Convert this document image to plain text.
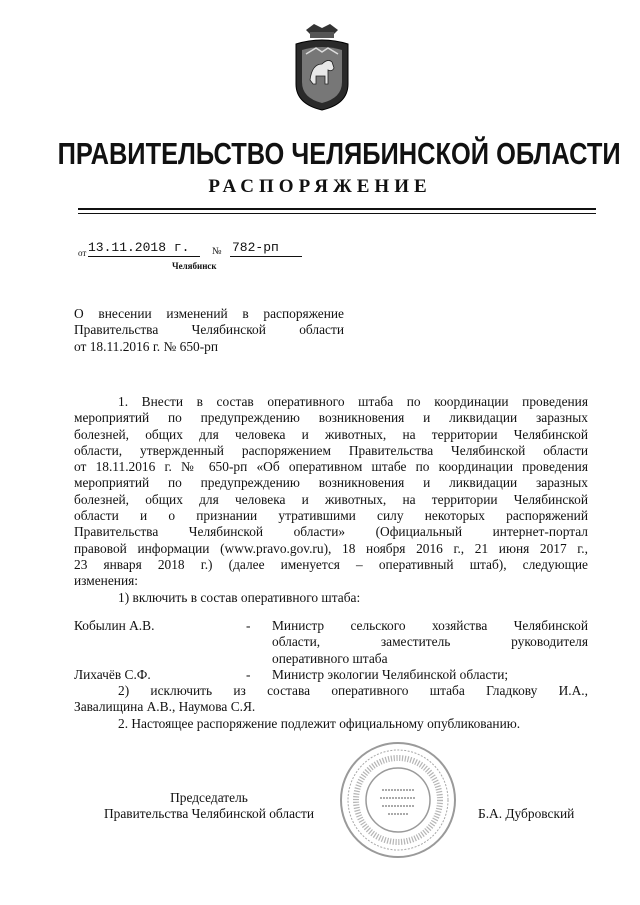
ПРАВИТЕЛЬСТВО ЧЕЛЯБИНСКОЙ ОБЛАСТИ
РАСПОРЯЖЕНИЕ
от 13.11.2018 г. № 782-рп
Челябинск
О внесении изменений в распоряжение
Правительства Челябинской области
от 18.11.2016 г. № 650-рп
1. Внести в состав оперативного штаба по координации проведения
мероприятий по предупреждению возникновения и ликвидации заразных
болезней, общих для человека и животных, на территории Челябинской
области, утвержденный распоряжением Правительства Челябинской области
от 18.11.2016 г. № 650-рп «Об оперативном штабе по координации проведения
мероприятий по предупреждению возникновения и ликвидации заразных
болезней, общих для человека и животных, на территории Челябинской
области и о признании утратившими силу некоторых распоряжений
Правительства Челябинской области» (Официальный интернет-портал
правовой информации (www.pravo.gov.ru), 18 ноября 2016 г., 21 июня 2017 г.,
23 января 2018 г.) (далее именуется – оперативный штаб), следующие
изменения:
1) включить в состав оперативного штаба:
Кобылин А.В.	- Министр сельского хозяйства Челябинской
области, заместитель руководителя
оперативного штаба
Лихачёв С.Ф.	- Министр экологии Челябинской области;
2) исключить из состава оперативного штаба Гладкову И.А.,
Завалищина А.В., Наумова С.Я.
2. Настоящее распоряжение подлежит официальному опубликованию.
Председатель
Правительства Челябинской области	Б.А. Дубровский
